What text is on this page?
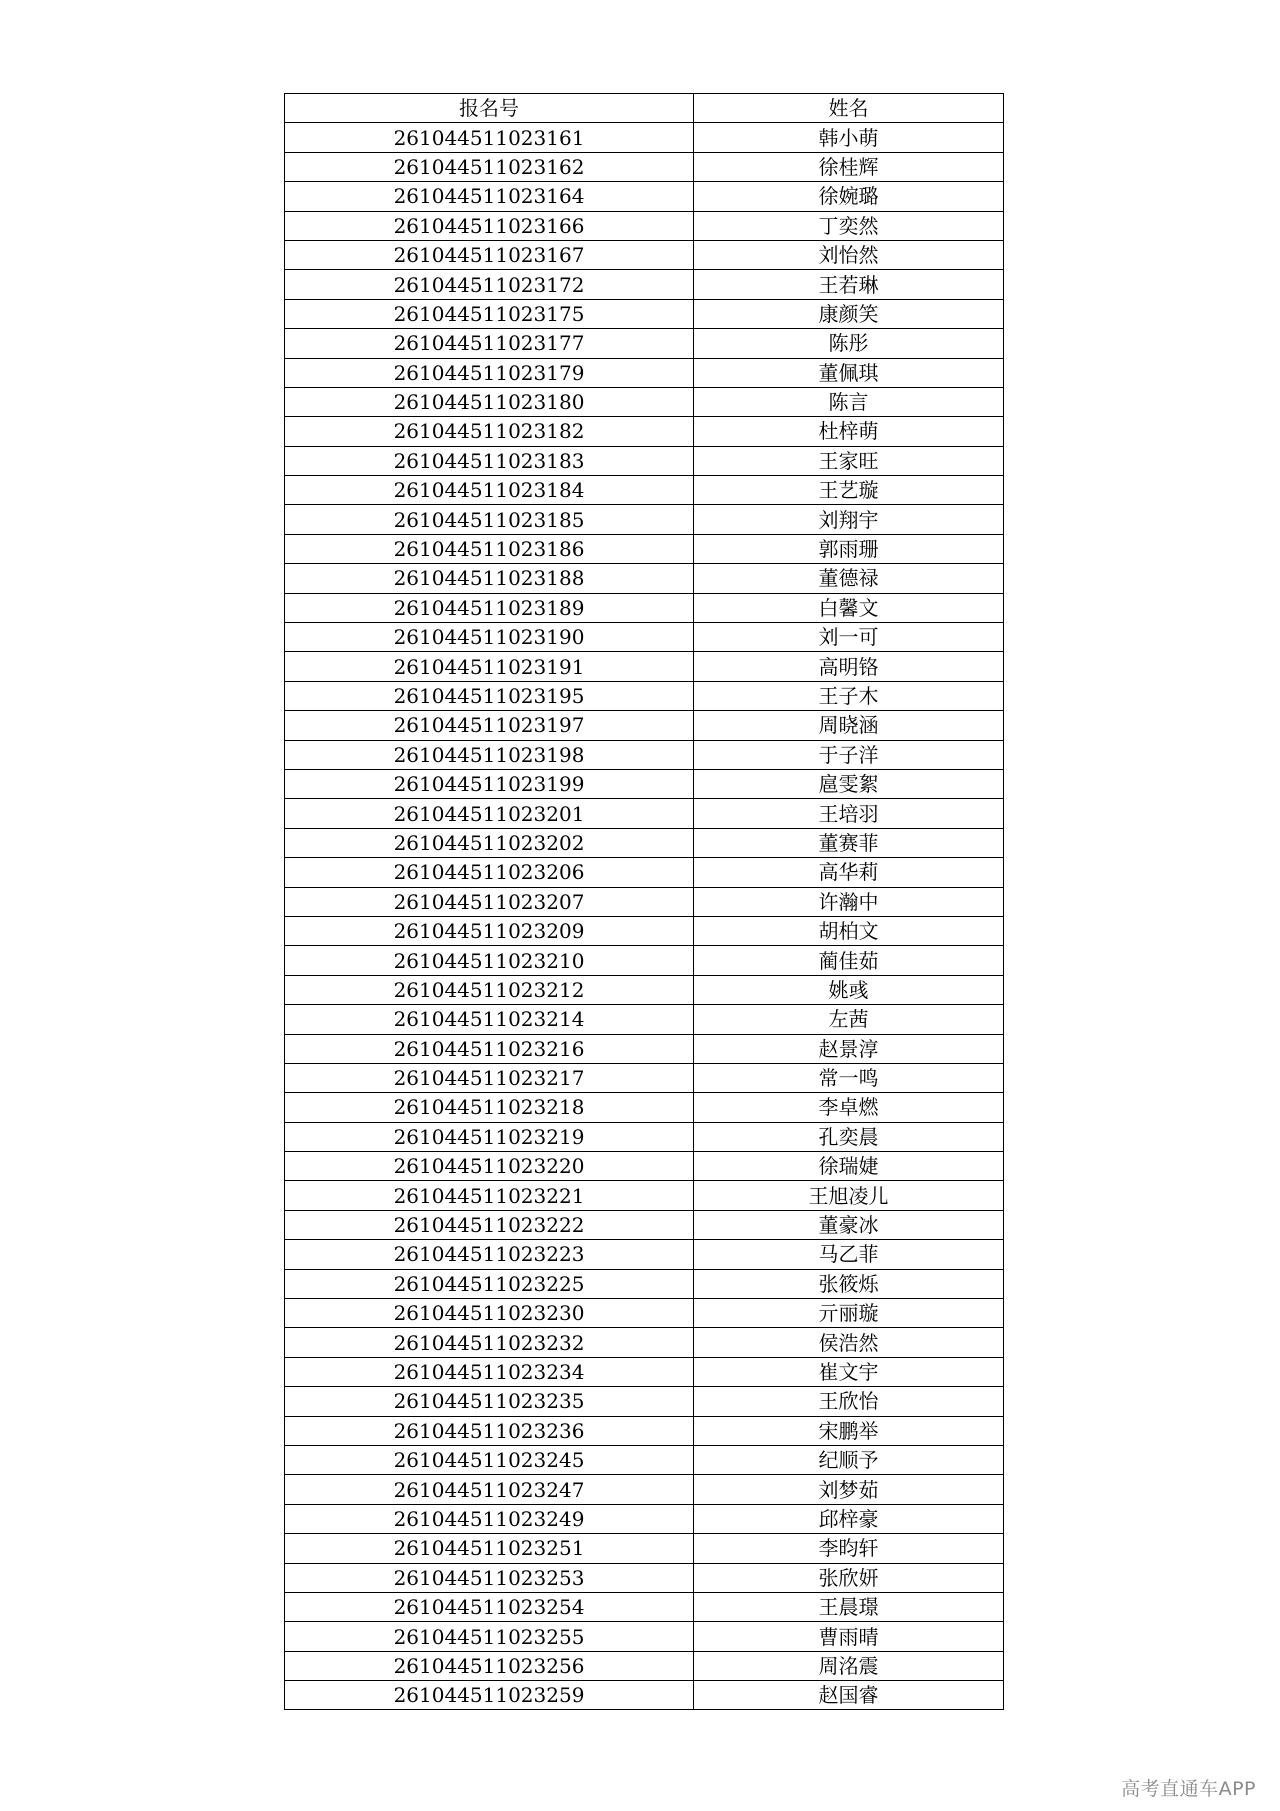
报名号	姓名
261044511023161	韩小萌
261044511023162	徐桂辉
261044511023164	徐婉璐
261044511023166	丁奕然
261044511023167	刘怡然
261044511023172	王若琳
261044511023175	康颜笑
261044511023177	陈彤
261044511023179	董佩琪
261044511023180	陈言
261044511023182	杜梓萌
261044511023183	王家旺
261044511023184	王艺璇
261044511023185	刘翔宇
261044511023186	郭雨珊
261044511023188	董德禄
261044511023189	白馨文
261044511023190	刘一可
261044511023191	高明铬
261044511023195	王子木
261044511023197	周晓涵
261044511023198	于子洋
261044511023199	扈雯絮
261044511023201	王培羽
261044511023202	董赛菲
261044511023206	高华莉
261044511023207	许瀚中
261044511023209	胡柏文
261044511023210	蔺佳茹
261044511023212	姚彧
261044511023214	左茜
261044511023216	赵景淳
261044511023217	常一鸣
261044511023218	李卓燃
261044511023219	孔奕晨
261044511023220	徐瑞婕
261044511023221	王旭凌儿
261044511023222	董豪冰
261044511023223	马乙菲
261044511023225	张筱烁
261044511023230	亓丽璇
261044511023232	侯浩然
261044511023234	崔文宇
261044511023235	王欣怡
261044511023236	宋鹏举
261044511023245	纪顺予
261044511023247	刘梦茹
261044511023249	邱梓豪
261044511023251	李昀轩
261044511023253	张欣妍
261044511023254	王晨璟
261044511023255	曹雨晴
261044511023256	周洺震
261044511023259	赵国睿
高考直通车APP
